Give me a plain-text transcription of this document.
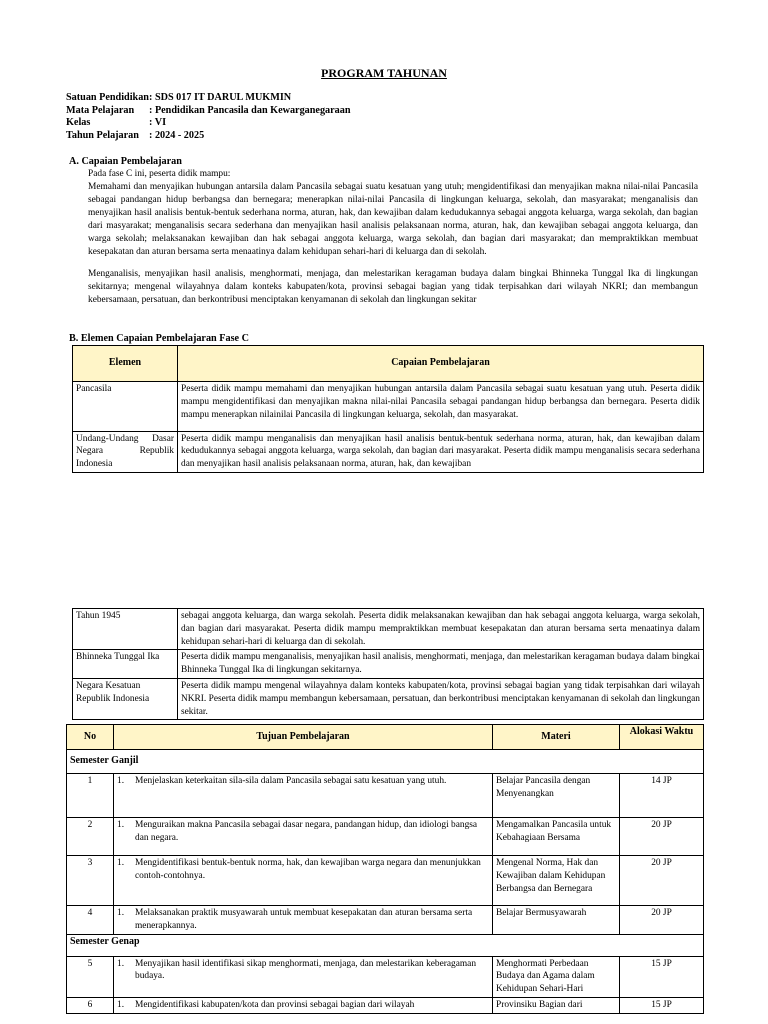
PROGRAM TAHUNAN
Satuan Pendidikan : SDS 017 IT DARUL MUKMIN
Mata Pelajaran	: Pendidikan Pancasila dan Kewarganegaraan
Kelas	: VI
Tahun Pelajaran : 2024 - 2025
A. Capaian Pembelajaran
Pada fase C ini, peserta didik mampu:
Memahami dan menyajikan hubungan antarsila dalam Pancasila sebagai suatu kesatuan yang utuh; mengidentifikasi dan menyajikan makna nilai-nilai Pancasila sebagai pandangan hidup berbangsa dan bernegara; menerapkan nilai-nilai Pancasila di lingkungan keluarga, sekolah, dan masyarakat; menganalisis dan menyajikan hasil analisis bentuk-bentuk sederhana norma, aturan, hak, dan kewajiban dalam kedudukannya sebagai anggota keluarga, warga sekolah, dan bagian dari masyarakat; menganalisis secara sederhana dan menyajikan hasil analisis pelaksanaan norma, aturan, hak, dan kewajiban sebagai anggota keluarga, dan warga sekolah; melaksanakan kewajiban dan hak sebagai anggota keluarga, warga sekolah, dan bagian dari masyarakat; dan mempraktikkan membuat kesepakatan dan aturan bersama serta menaatinya dalam kehidupan sehari-hari di keluarga dan di sekolah.
Menganalisis, menyajikan hasil analisis, menghormati, menjaga, dan melestarikan keragaman budaya dalam bingkai Bhinneka Tunggal Ika di lingkungan sekitarnya; mengenal wilayahnya dalam konteks kabupaten/kota, provinsi sebagai bagian yang tidak terpisahkan dari wilayah NKRI; dan membangun kebersamaan, persatuan, dan berkontribusi menciptakan kenyamanan di sekolah dan lingkungan sekitar
B. Elemen Capaian Pembelajaran Fase C
Elemen	Capaian Pembelajaran
Pancasila	Peserta didik mampu memahami dan menyajikan hubungan antarsila dalam Pancasila sebagai suatu kesatuan yang utuh. Peserta didik mampu mengidentifikasi dan menyajikan makna nilai-nilai Pancasila sebagai pandangan hidup berbangsa dan bernegara. Peserta didik mampu menerapkan nilainilai Pancasila di lingkungan keluarga, sekolah, dan masyarakat.
Undang-Undang Dasar Negara Republik Indonesia	Peserta didik mampu menganalisis dan menyajikan hasil analisis bentuk-bentuk sederhana norma, aturan, hak, dan kewajiban dalam kedudukannya sebagai anggota keluarga, warga sekolah, dan bagian dari masyarakat. Peserta didik mampu menganalisis secara sederhana dan menyajikan hasil analisis pelaksanaan norma, aturan, hak, dan kewajiban
Tahun 1945	sebagai anggota keluarga, dan warga sekolah. Peserta didik melaksanakan kewajiban dan hak sebagai anggota keluarga, warga sekolah, dan bagian dari masyarakat. Peserta didik mampu mempraktikkan membuat kesepakatan dan aturan bersama serta menaatinya dalam kehidupan sehari-hari di keluarga dan di sekolah.
Bhinneka Tunggal Ika	Peserta didik mampu menganalisis, menyajikan hasil analisis, menghormati, menjaga, dan melestarikan keragaman budaya dalam bingkai Bhinneka Tunggal Ika di lingkungan sekitarnya.
Negara Kesatuan Republik Indonesia	Peserta didik mampu mengenal wilayahnya dalam konteks kabupaten/kota, provinsi sebagai bagian yang tidak terpisahkan dari wilayah NKRI. Peserta didik mampu membangun kebersamaan, persatuan, dan berkontribusi menciptakan kenyamanan di sekolah dan lingkungan sekitar.
No	Tujuan Pembelajaran	Materi	Alokasi Waktu
Semester Ganjil			
1	1. Menjelaskan keterkaitan sila-sila dalam Pancasila sebagai satu kesatuan yang utuh.	Belajar Pancasila dengan Menyenangkan	14 JP
2	1. Menguraikan makna Pancasila sebagai dasar negara, pandangan hidup, dan idiologi bangsa dan negara.	Mengamalkan Pancasila untuk Kebahagiaan Bersama	20 JP
3	1. Mengidentifikasi bentuk-bentuk norma, hak, dan kewajiban warga negara dan menunjukkan contoh-contohnya.	Mengenal Norma, Hak dan Kewajiban dalam Kehidupan Berbangsa dan Bernegara	20 JP
4	1. Melaksanakan praktik musyawarah untuk membuat kesepakatan dan aturan bersama serta menerapkannya.	Belajar Bermusyawarah	20 JP
Semester Genap			
5	1. Menyajikan hasil identifikasi sikap menghormati, menjaga, dan melestarikan keberagaman budaya.	Menghormati Perbedaan Budaya dan Agama dalam Kehidupan Sehari-Hari	15 JP
6	1. Mengidentifikasi kabupaten/kota dan provinsi sebagai bagian dari wilayah	Provinsiku Bagian dari	15 JP
